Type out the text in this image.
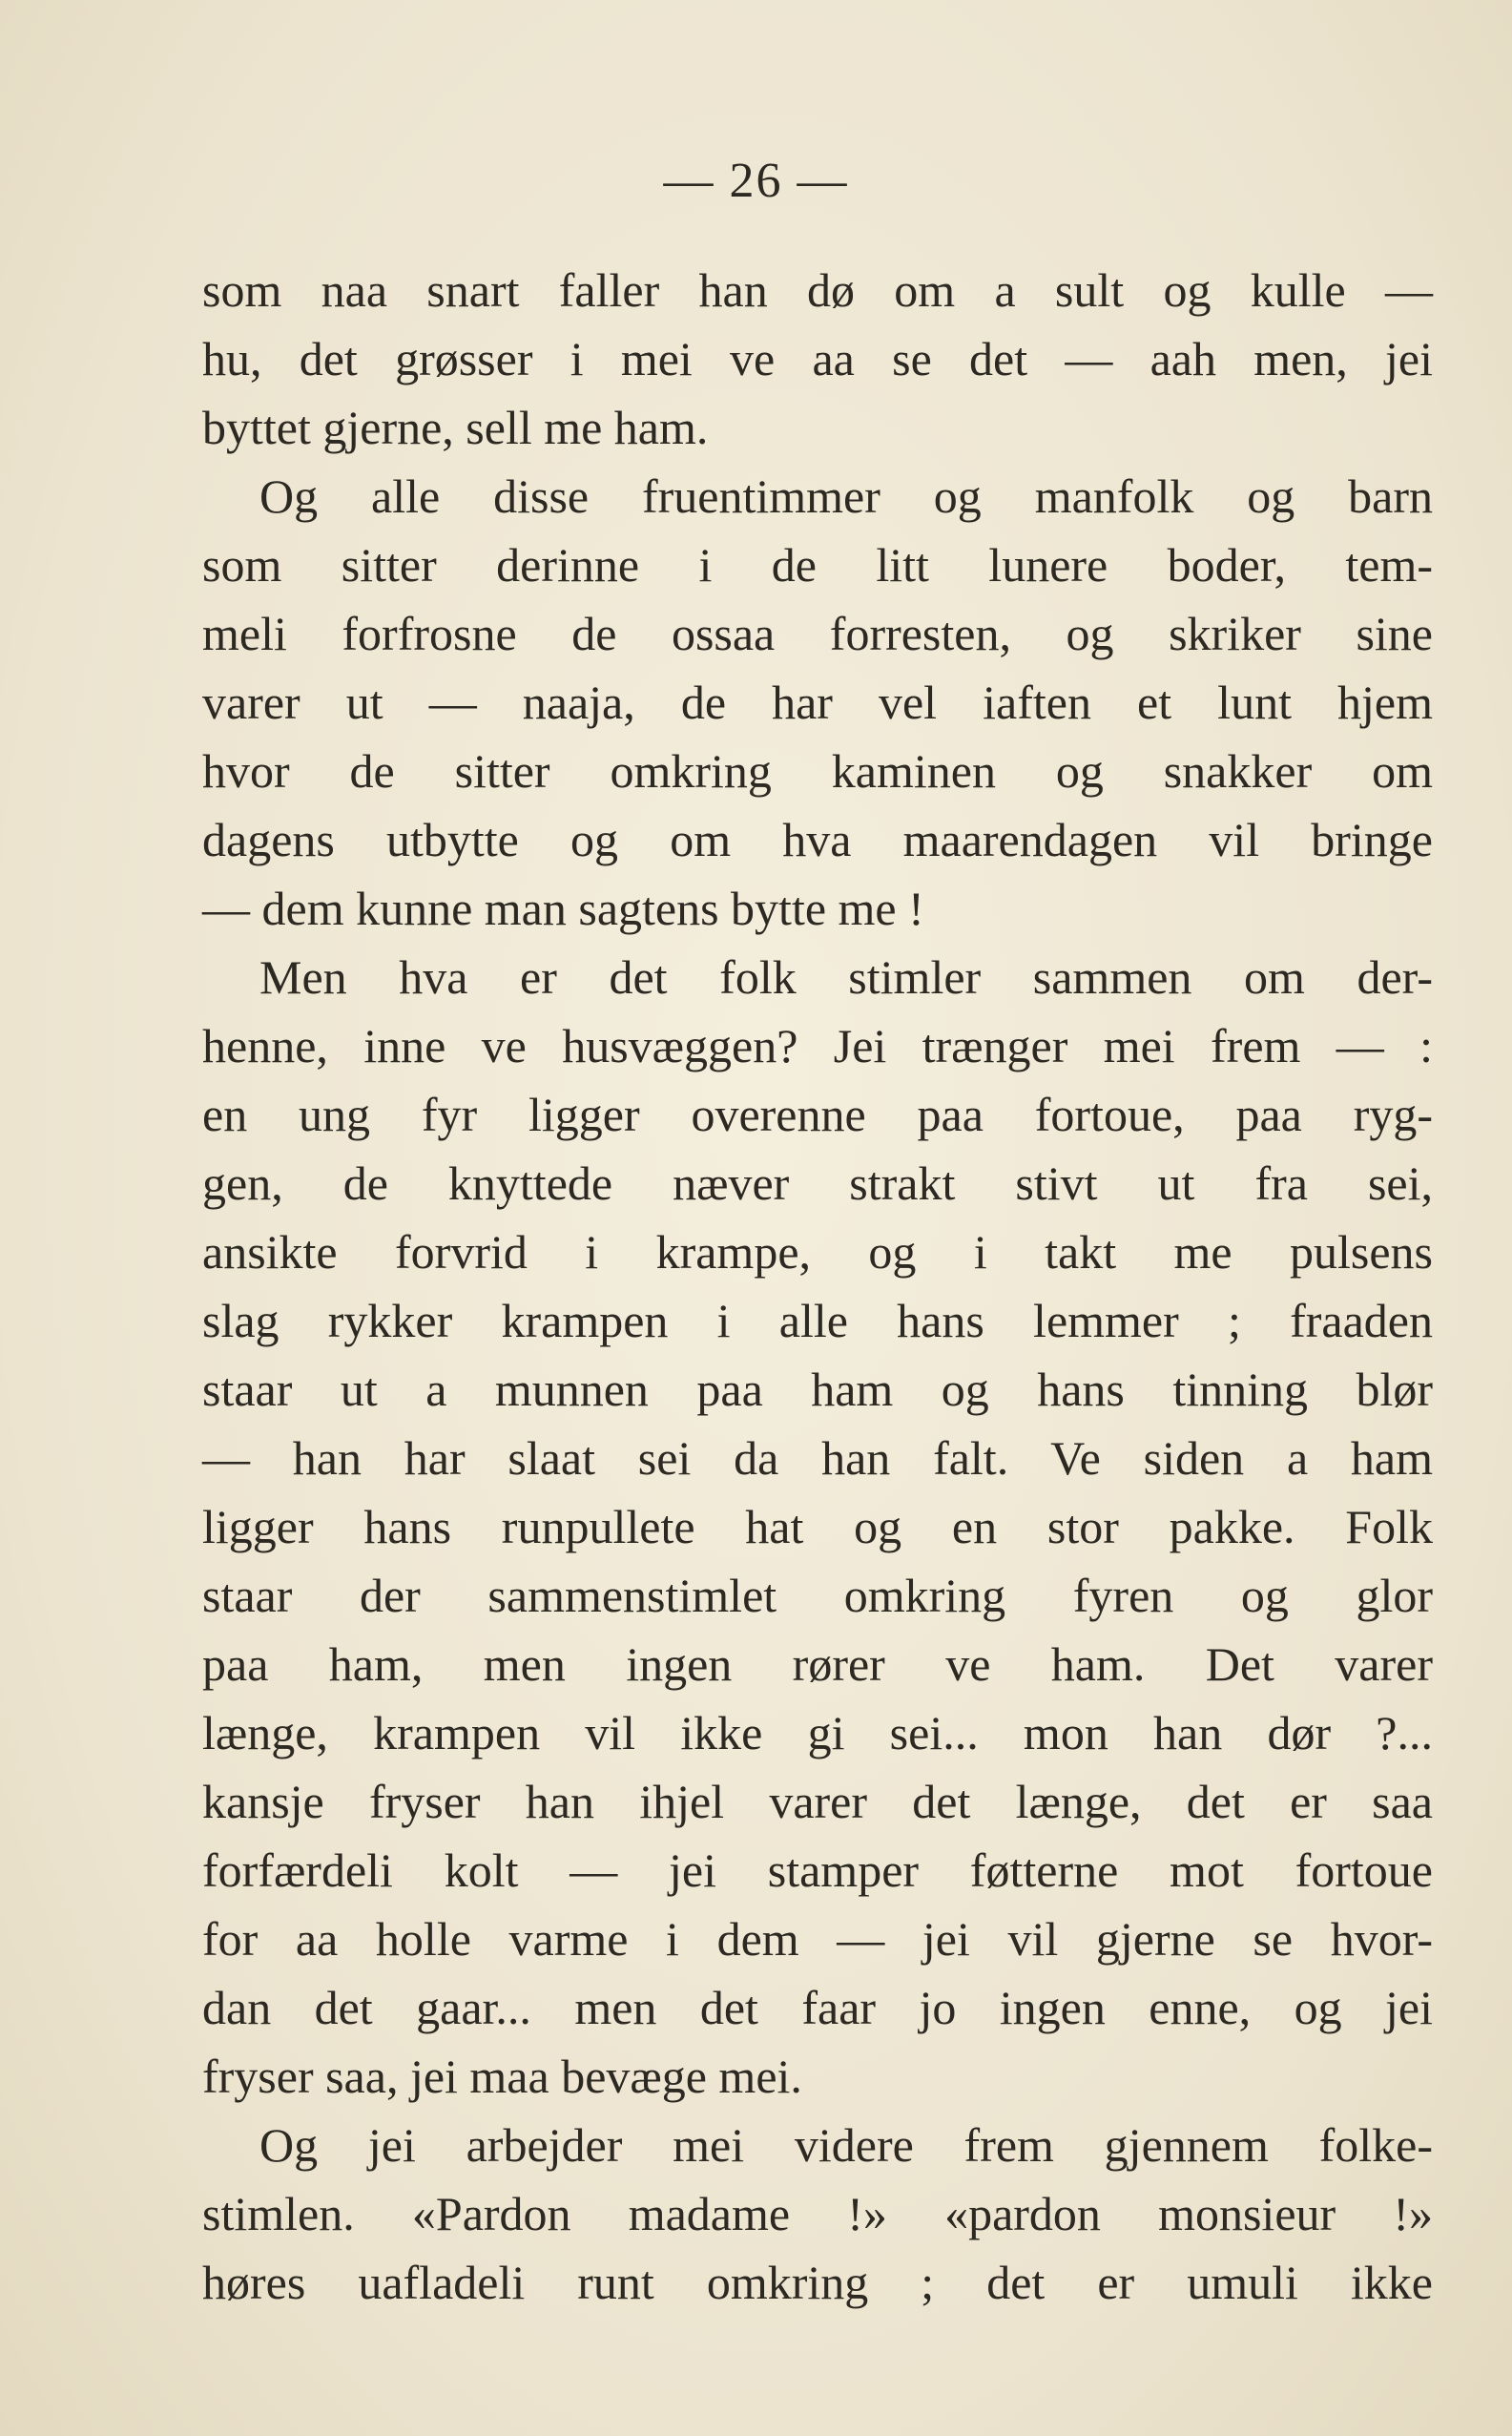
— 26 —
som naa snart faller han dø om a sult og kulle —
hu, det grøsser i mei ve aa se det — aah men, jei
byttet gjerne, sell me ham.
Og alle disse fruentimmer og manfolk og barn
som sitter derinne i de litt lunere boder, tem-
meli forfrosne de ossaa forresten, og skriker sine
varer ut — naaja, de har vel iaften et lunt hjem
hvor de sitter omkring kaminen og snakker om
dagens utbytte og om hva maarendagen vil bringe
— dem kunne man sagtens bytte me !
Men hva er det folk stimler sammen om der-
henne, inne ve husvæggen? Jei trænger mei frem — :
en ung fyr ligger overenne paa fortoue, paa ryg-
gen, de knyttede næver strakt stivt ut fra sei,
ansikte forvrid i krampe, og i takt me pulsens
slag rykker krampen i alle hans lemmer ; fraaden
staar ut a munnen paa ham og hans tinning blør
— han har slaat sei da han falt. Ve siden a ham
ligger hans runpullete hat og en stor pakke. Folk
staar der sammenstimlet omkring fyren og glor
paa ham, men ingen rører ve ham. Det varer
længe, krampen vil ikke gi sei... mon han dør ?...
kansje fryser han ihjel varer det længe, det er saa
forfærdeli kolt — jei stamper føtterne mot fortoue
for aa holle varme i dem — jei vil gjerne se hvor-
dan det gaar... men det faar jo ingen enne, og jei
fryser saa, jei maa bevæge mei.
Og jei arbejder mei videre frem gjennem folke-
stimlen. «Pardon madame !» «pardon monsieur !»
høres uafladeli runt omkring ; det er umuli ikke
